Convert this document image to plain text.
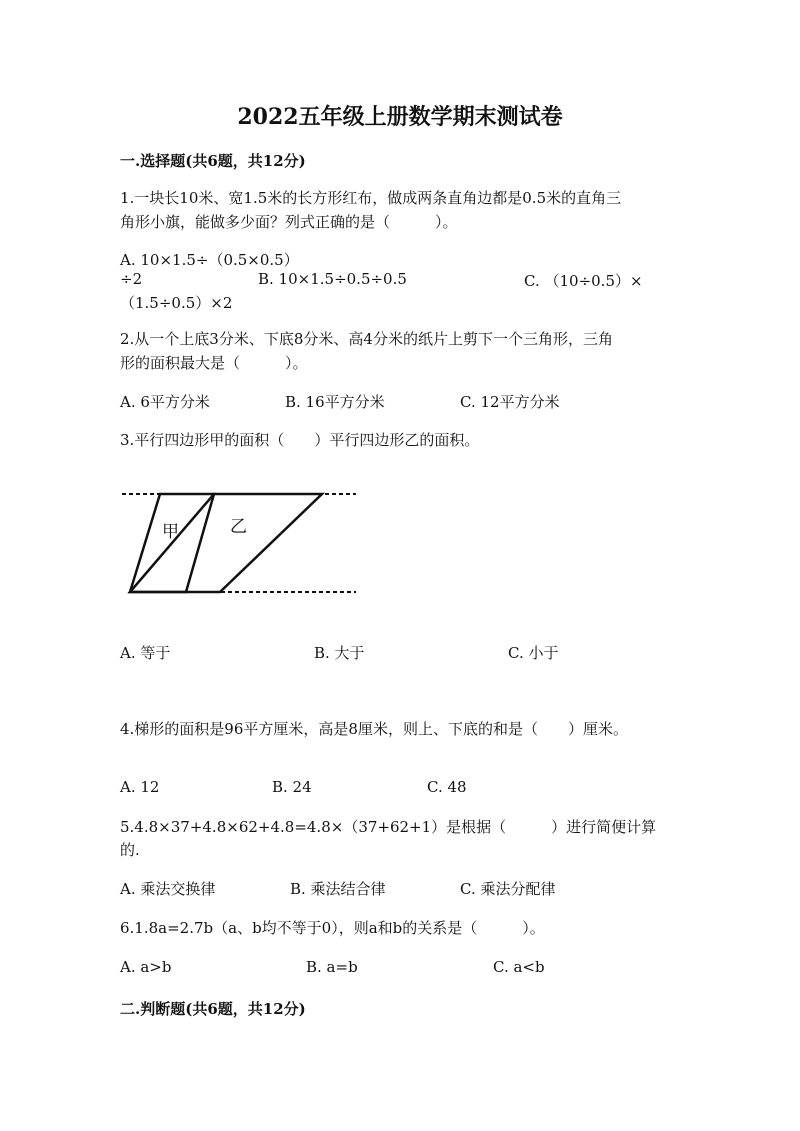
2022五年级上册数学期末测试卷
一.选择题(共6题，共12分)
1.一块长10米、宽1.5米的长方形红布，做成两条直角边都是0.5米的直角三
角形小旗，能做多少面？列式正确的是（　　　）。
A. 10×1.5÷（0.5×0.5）
÷2	B. 10×1.5÷0.5÷0.5	C. （10÷0.5）×
（1.5÷0.5）×2
2.从一个上底3分米、下底8分米、高4分米的纸片上剪下一个三角形，三角
形的面积最大是（　　　）。
A. 6平方分米	B. 16平方分米	C. 12平方分米
3.平行四边形甲的面积（　　）平行四边形乙的面积。
甲	乙
A. 等于	B. 大于	C. 小于
4.梯形的面积是96平方厘米，高是8厘米，则上、下底的和是（　　）厘米。
A. 12	B. 24	C. 48
5.4.8×37+4.8×62+4.8=4.8×（37+62+1）是根据（　　　）进行简便计算
的.
A. 乘法交换律	B. 乘法结合律	C. 乘法分配律
6.1.8a=2.7b（a、b均不等于0），则a和b的关系是（　　　）。
A. a>b	B. a=b	C. a<b
二.判断题(共6题，共12分)
